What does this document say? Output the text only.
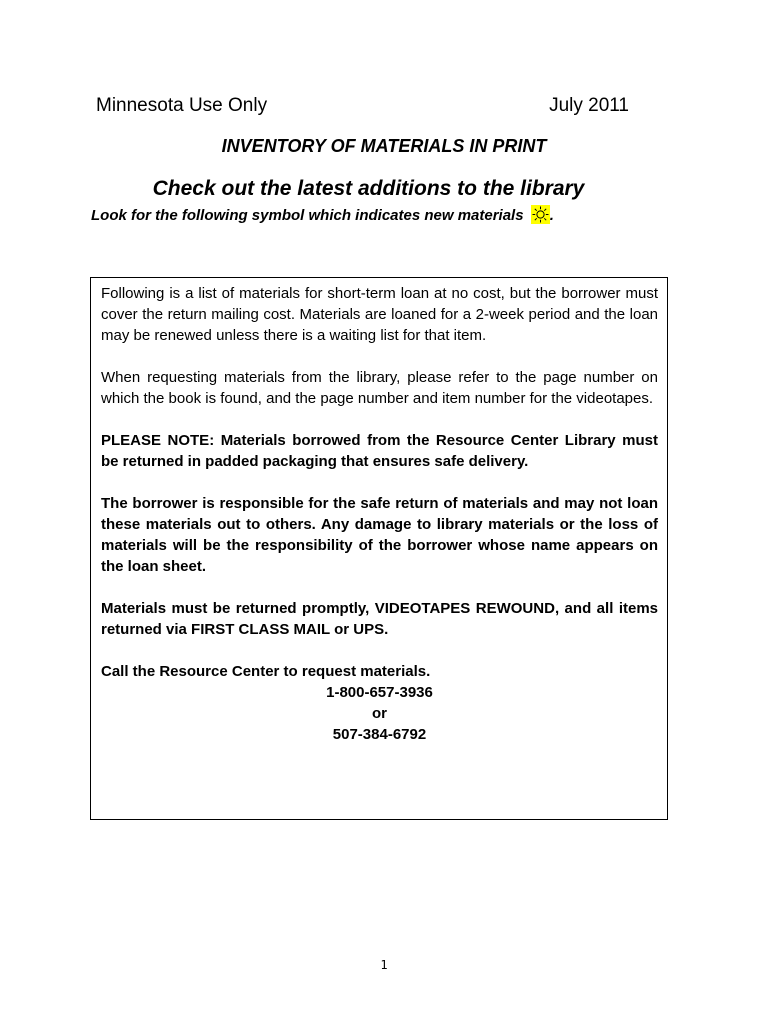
Minnesota Use Only	July 2011
INVENTORY OF MATERIALS IN PRINT
Check out the latest additions to the library
Look for the following symbol which indicates new materials .

Following is a list of materials for short-term loan at no cost, but the borrower must cover the return mailing cost. Materials are loaned for a 2-week period and the loan may be renewed unless there is a waiting list for that item.

When requesting materials from the library, please refer to the page number on which the book is found, and the page number and item number for the videotapes.

PLEASE NOTE: Materials borrowed from the Resource Center Library must be returned in padded packaging that ensures safe delivery.

The borrower is responsible for the safe return of materials and may not loan these materials out to others. Any damage to library materials or the loss of materials will be the responsibility of the borrower whose name appears on the loan sheet.

Materials must be returned promptly, VIDEOTAPES REWOUND, and all items returned via FIRST CLASS MAIL or UPS.

Call the Resource Center to request materials.

1-800-657-3936

or

507-384-6792

1
